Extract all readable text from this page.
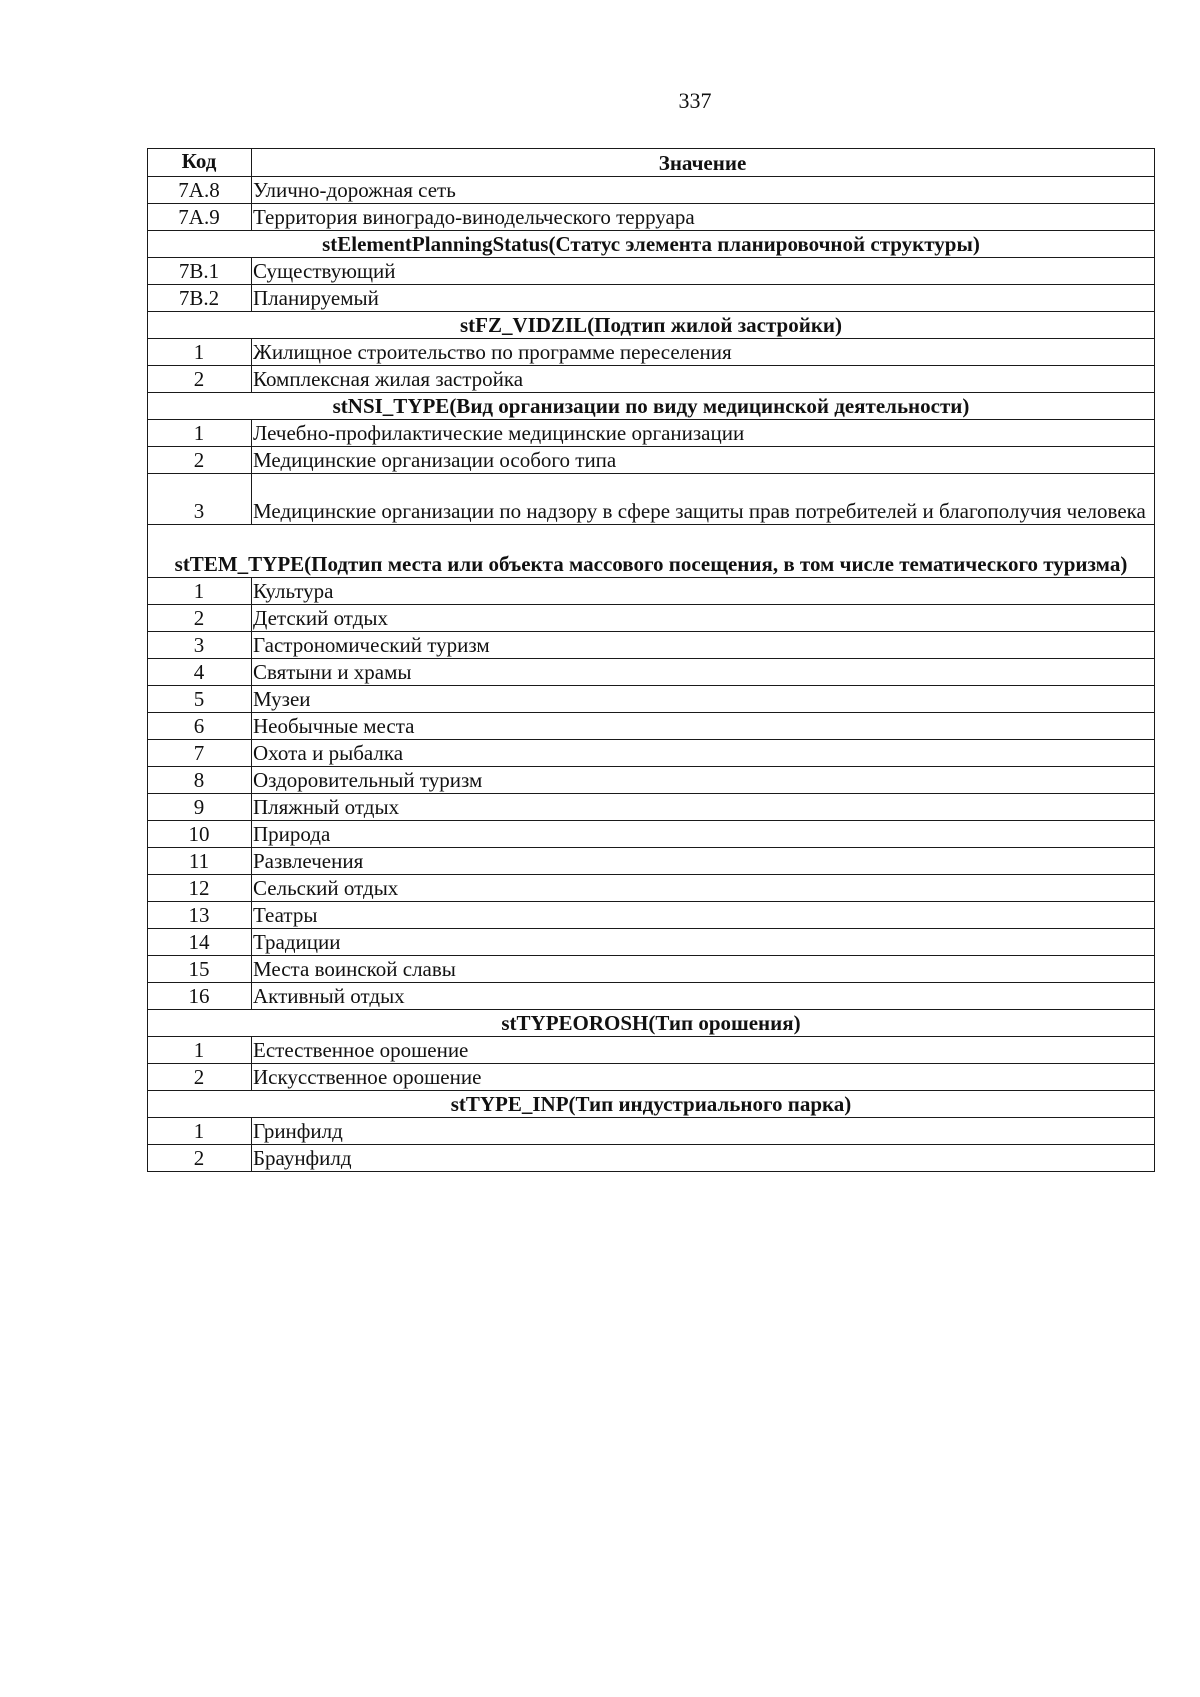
337
Код	Значение
7А.8	Улично-дорожная сеть
7А.9	Территория виноградо-винодельческого терруара
stElementPlanningStatus(Статус элемента планировочной структуры)	
7В.1	Существующий
7В.2	Планируемый
stFZ_VIDZIL(Подтип жилой застройки)	
1	Жилищное строительство по программе переселения
2	Комплексная жилая застройка
stNSI_TYPE(Вид организации по виду медицинской деятельности)	
1	Лечебно-профилактические медицинские организации
2	Медицинские организации особого типа
3	Медицинские организации по надзору в сфере защиты прав потребителей и благополучия человека
stTEM_TYPE(Подтип места или объекта массового посещения, в том числе тематического туризма)	
1	Культура
2	Детский отдых
3	Гастрономический туризм
4	Святыни и храмы
5	Музеи
6	Необычные места
7	Охота и рыбалка
8	Оздоровительный туризм
9	Пляжный отдых
10	Природа
11	Развлечения
12	Сельский отдых
13	Театры
14	Традиции
15	Места воинской славы
16	Активный отдых
stTYPEOROSH(Тип орошения)	
1	Естественное орошение
2	Искусственное орошение
stTYPE_INP(Тип индустриального парка)	
1	Гринфилд
2	Браунфилд
